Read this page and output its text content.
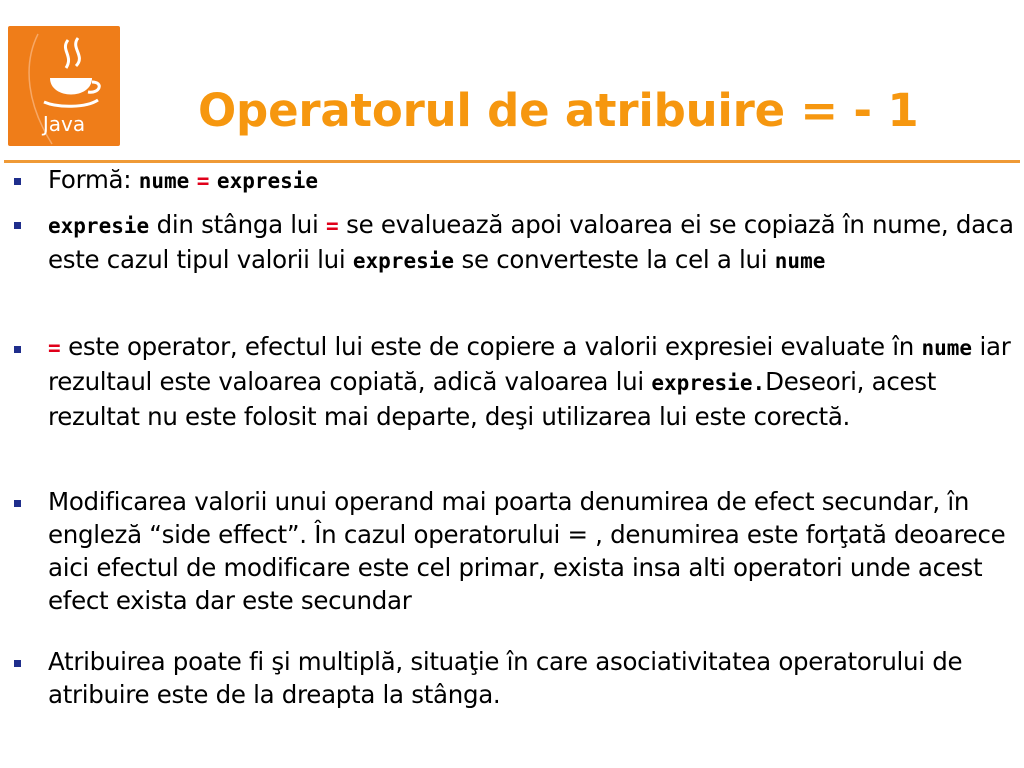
Java	Operatorul de atribuire = - 1
Formă: nume = expresie
expresie din stânga lui = se evaluează apoi valoarea ei se copiază în nume, daca este cazul tipul valorii lui expresie se converteste la cel a lui nume
= este operator, efectul lui este de copiere a valorii expresiei evaluate în nume iar rezultaul este valoarea copiată, adică valoarea lui expresie.Deseori, acest rezultat nu este folosit mai departe, deşi utilizarea lui este corectă.
Modificarea valorii unui operand mai poarta denumirea de efect secundar, în engleză “side effect”. În cazul operatorului = , denumirea este forţată deoarece aici efectul de modificare este cel primar, exista insa alti operatori unde acest efect exista dar este secundar
Atribuirea poate fi şi multiplă, situaţie în care asociativitatea operatorului de atribuire este de la dreapta la stânga.
